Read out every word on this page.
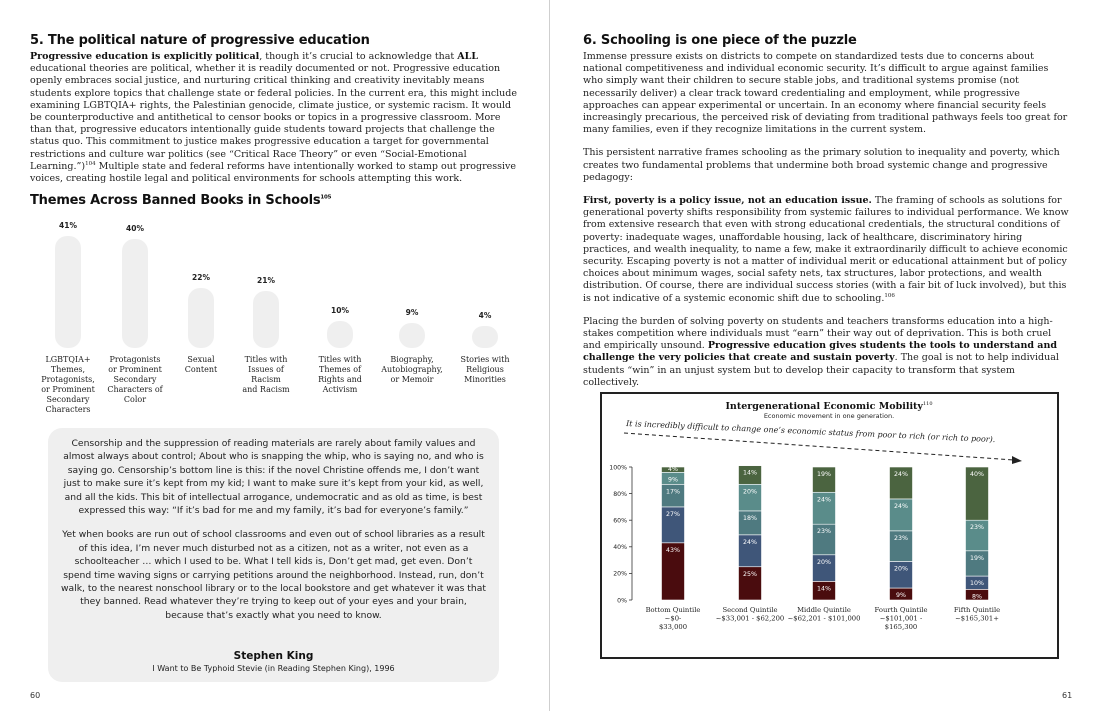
5. The political nature of progressive education

Progressive education is explicitly political, though it’s crucial to acknowledge that ALL educational theories are political, whether it is readily documented or not. Progressive education openly embraces social justice, and nurturing critical thinking and creativity inevitably means students explore topics that challenge state or federal policies. In the current era, this might include examining LGBTQIA+ rights, the Palestinian genocide, climate justice, or systemic racism. It would be counterproductive and antithetical to censor books or topics in a progressive classroom. More than that, progressive educators intentionally guide students toward projects that challenge the status quo. This commitment to justice makes progressive education a target for governmental restrictions and culture war politics (see “Critical Race Theory” or even “Social-Emotional Learning.”)$^{104}$ Multiple state and federal reforms have intentionally worked to stamp out progressive voices, creating hostile legal and political environments for schools attempting this work.

Themes Across Banned Books in Schools$^{105}$
41%
LGBTQIA+
Themes,
Protagonists,
or Prominent
Secondary
Characters
40%
Protagonists
or Prominent
Secondary
Characters of
Color
22%
Sexual
Content
21%
Titles with
Issues of Racism
and Racism
10%
Titles with
Themes of
Rights and
Activism
9%
Biography,
Autobiography,
or Memoir
4%
Stories with
Religious
Minorities

Censorship and the suppression of reading materials are rarely about family values and almost always about control; About who is snapping the whip, who is saying no, and who is saying go. Censorship’s bottom line is this: if the novel Christine offends me, I don’t want just to make sure it’s kept from my kid; I want to make sure it’s kept from your kid, as well, and all the kids. This bit of intellectual arrogance, undemocratic and as old as time, is best expressed this way: “If it’s bad for me and my family, it’s bad for everyone’s family.”

Yet when books are run out of school classrooms and even out of school libraries as a result of this idea, I’m never much disturbed not as a citizen, not as a writer, not even as a schoolteacher … which I used to be. What I tell kids is, Don’t get mad, get even. Don’t spend time waving signs or carrying petitions around the neighborhood. Instead, run, don’t walk, to the nearest nonschool library or to the local bookstore and get whatever it was that they banned. Read whatever they’re trying to keep out of your eyes and your brain, because that’s exactly what you need to know.

Stephen King
I Want to Be Typhoid Stevie (in Reading Stephen King), 1996
60
6. Schooling is one piece of the puzzle

Immense pressure exists on districts to compete on standardized tests due to concerns about national competitiveness and individual economic security. It’s difficult to argue against families who simply want their children to secure stable jobs, and traditional systems promise (not necessarily deliver) a clear track toward credentialing and employment, while progressive approaches can appear experimental or uncertain. In an economy where financial security feels increasingly precarious, the perceived risk of deviating from traditional pathways feels too great for many families, even if they recognize limitations in the current system.

This persistent narrative frames schooling as the primary solution to inequality and poverty, which creates two fundamental problems that undermine both broad systemic change and progressive pedagogy:

First, poverty is a policy issue, not an education issue. The framing of schools as solutions for generational poverty shifts responsibility from systemic failures to individual performance. We know from extensive research that even with strong educational credentials, the structural conditions of poverty: inadequate wages, unaffordable housing, lack of healthcare, discriminatory hiring practices, and wealth inequality, to name a few, make it extraordinarily difficult to achieve economic security. Escaping poverty is not a matter of individual merit or educational attainment but of policy choices about minimum wages, social safety nets, tax structures, labor protections, and wealth distribution. Of course, there are individual success stories (with a fair bit of luck involved), but this is not indicative of a systemic economic shift due to schooling.$^{106}$

Placing the burden of solving poverty on students and teachers transforms education into a high-stakes competition where individuals must “earn” their way out of deprivation. This is both cruel and empirically unsound. Progressive education gives students the tools to understand and challenge the very policies that create and sustain poverty. The goal is not to help individual students “win” in an unjust system but to develop their capacity to transform that system collectively.

Intergenerational Economic Mobility$^{110}$
Economic movement in one generation.
It is incredibly difficult to change one’s economic status from poor to rich (or rich to poor).
0%
20%
40%
60%
80%
100%
43%
27%
17%
9%
4%
Bottom Quintile
~$0-
$33,000
25%
24%
18%
20%
14%
Second Quintile
~$33,001 - $62,200
14%
20%
23%
24%
19%
Middle Quintile
~$62,201 - $101,000
9%
20%
23%
24%
24%
Fourth Quintile
~$101,001 -
$165,300
8%
10%
19%
23%
40%
Fifth Quintile
~$165,301+
61
